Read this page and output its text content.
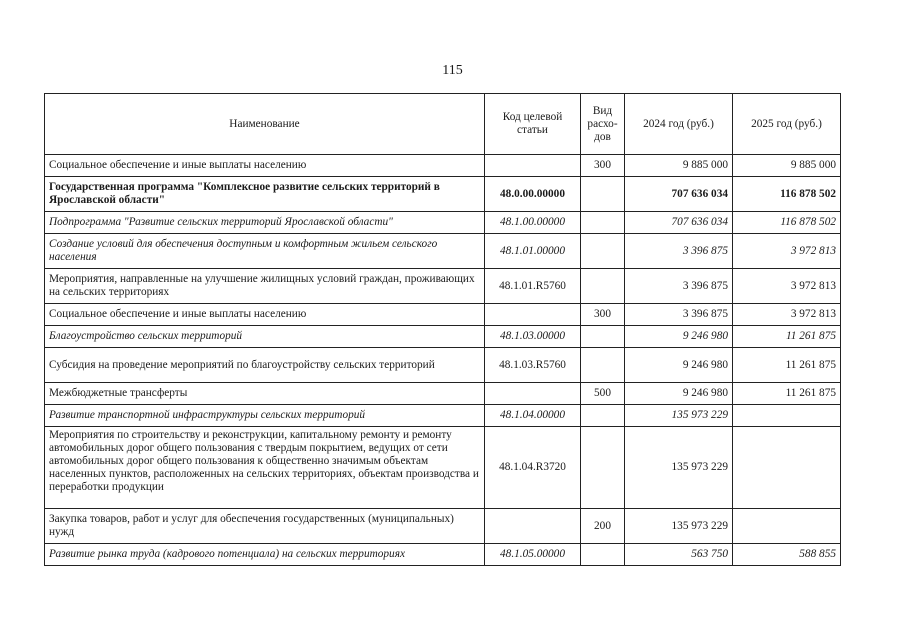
115
Наименование	Код целевой статьи	Вид расхо-дов	2024 год (руб.)	2025 год (руб.)
Социальное обеспечение и иные выплаты населению		300	9 885 000	9 885 000
Государственная программа "Комплексное развитие сельских территорий в Ярославской области"	48.0.00.00000		707 636 034	116 878 502
Подпрограмма "Развитие сельских территорий Ярославской области"	48.1.00.00000		707 636 034	116 878 502
Создание условий для обеспечения доступным и комфортным жильем сельского населения	48.1.01.00000		3 396 875	3 972 813
Мероприятия, направленные на улучшение жилищных условий граждан, проживающих на сельских территориях	48.1.01.R5760		3 396 875	3 972 813
Социальное обеспечение и иные выплаты населению		300	3 396 875	3 972 813
Благоустройство сельских территорий	48.1.03.00000		9 246 980	11 261 875
Субсидия на проведение мероприятий по благоустройству сельских территорий	48.1.03.R5760		9 246 980	11 261 875
Межбюджетные трансферты		500	9 246 980	11 261 875
Развитие транспортной инфраструктуры сельских территорий	48.1.04.00000		135 973 229	
Мероприятия по строительству и реконструкции, капитальному ремонту и ремонту автомобильных дорог общего пользования с твердым покрытием, ведущих от сети автомобильных дорог общего пользования к общественно значимым объектам населенных пунктов, расположенных на сельских территориях, объектам производства и переработки продукции	48.1.04.R3720		135 973 229	
Закупка товаров, работ и услуг для обеспечения государственных (муниципальных) нужд		200	135 973 229	
Развитие рынка труда (кадрового потенциала) на сельских территориях	48.1.05.00000		563 750	588 855
